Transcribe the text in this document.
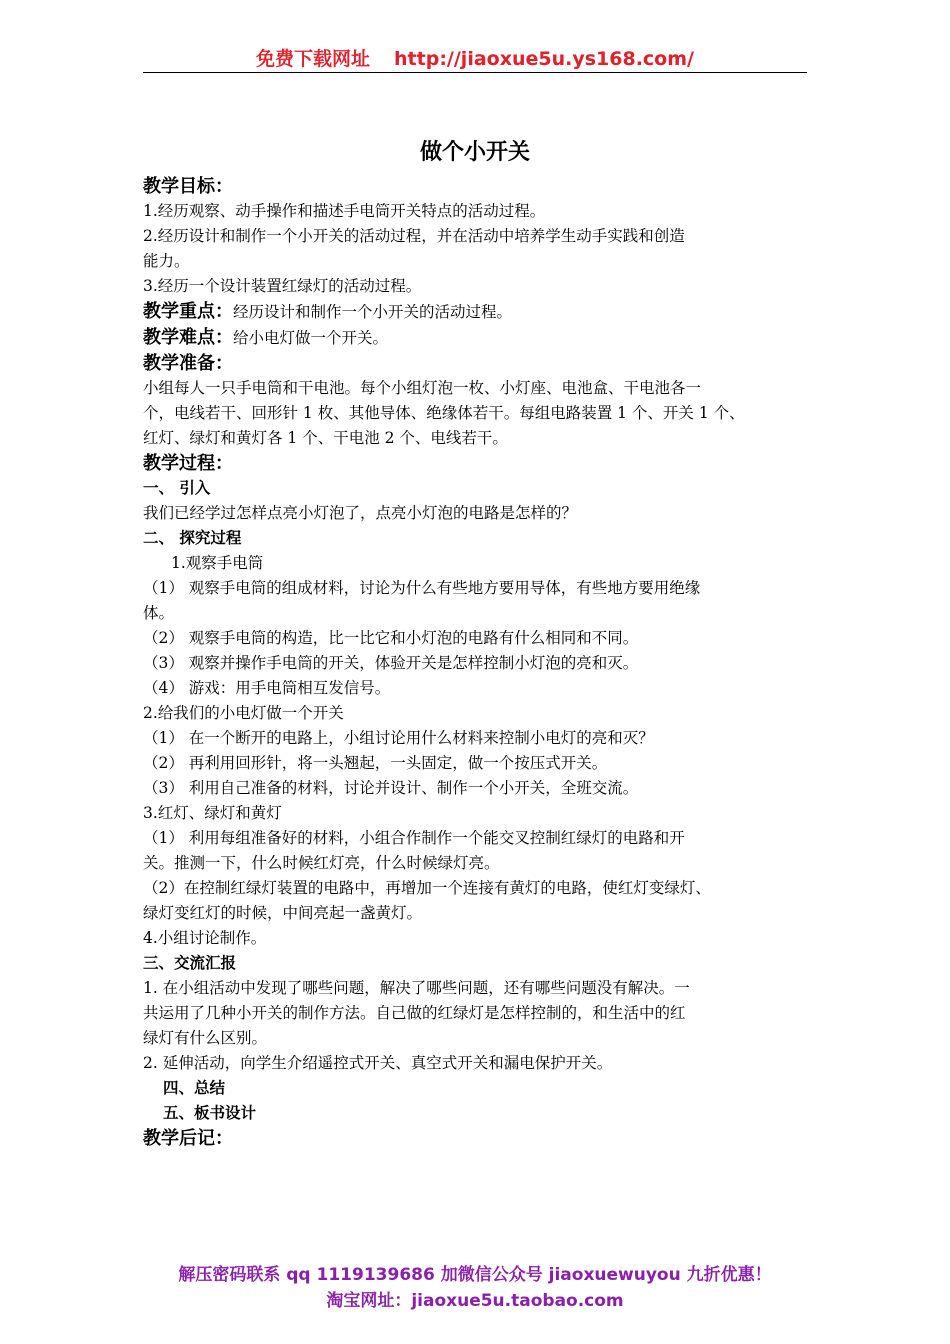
免费下载网址 http://jiaoxue5u.ys168.com/
做个小开关
教学目标：
1.经历观察、动手操作和描述手电筒开关特点的活动过程。
2.经历设计和制作一个小开关的活动过程，并在活动中培养学生动手实践和创造
能力。
3.经历一个设计装置红绿灯的活动过程。
教学重点：经历设计和制作一个小开关的活动过程。
教学难点：给小电灯做一个开关。
教学准备：
小组每人一只手电筒和干电池。每个小组灯泡一枚、小灯座、电池盒、干电池各一
个，电线若干、回形针 1 枚、其他导体、绝缘体若干。每组电路装置 1 个、开关 1 个、
红灯、绿灯和黄灯各 1 个、干电池 2 个、电线若干。
教学过程：
一、 引入
我们已经学过怎样点亮小灯泡了，点亮小灯泡的电路是怎样的？
二、 探究过程
1.观察手电筒
（1） 观察手电筒的组成材料，讨论为什么有些地方要用导体，有些地方要用绝缘
体。
（2） 观察手电筒的构造，比一比它和小灯泡的电路有什么相同和不同。
（3） 观察并操作手电筒的开关，体验开关是怎样控制小灯泡的亮和灭。
（4） 游戏：用手电筒相互发信号。
2.给我们的小电灯做一个开关
（1） 在一个断开的电路上，小组讨论用什么材料来控制小电灯的亮和灭？
（2） 再利用回形针，将一头翘起，一头固定，做一个按压式开关。
（3） 利用自己准备的材料，讨论并设计、制作一个小开关，全班交流。
3.红灯、绿灯和黄灯
（1） 利用每组准备好的材料，小组合作制作一个能交叉控制红绿灯的电路和开
关。推测一下，什么时候红灯亮，什么时候绿灯亮。
（2）在控制红绿灯装置的电路中，再增加一个连接有黄灯的电路，使红灯变绿灯、
绿灯变红灯的时候，中间亮起一盏黄灯。
4.小组讨论制作。
三、交流汇报
1. 在小组活动中发现了哪些问题，解决了哪些问题，还有哪些问题没有解决。一
共运用了几种小开关的制作方法。自己做的红绿灯是怎样控制的，和生活中的红
绿灯有什么区别。
2. 延伸活动，向学生介绍遥控式开关、真空式开关和漏电保护开关。
四、总结
五、板书设计
教学后记：
解压密码联系 qq 1119139686 加微信公众号 jiaoxuewuyou 九折优惠！
淘宝网址：jiaoxue5u.taobao.com
